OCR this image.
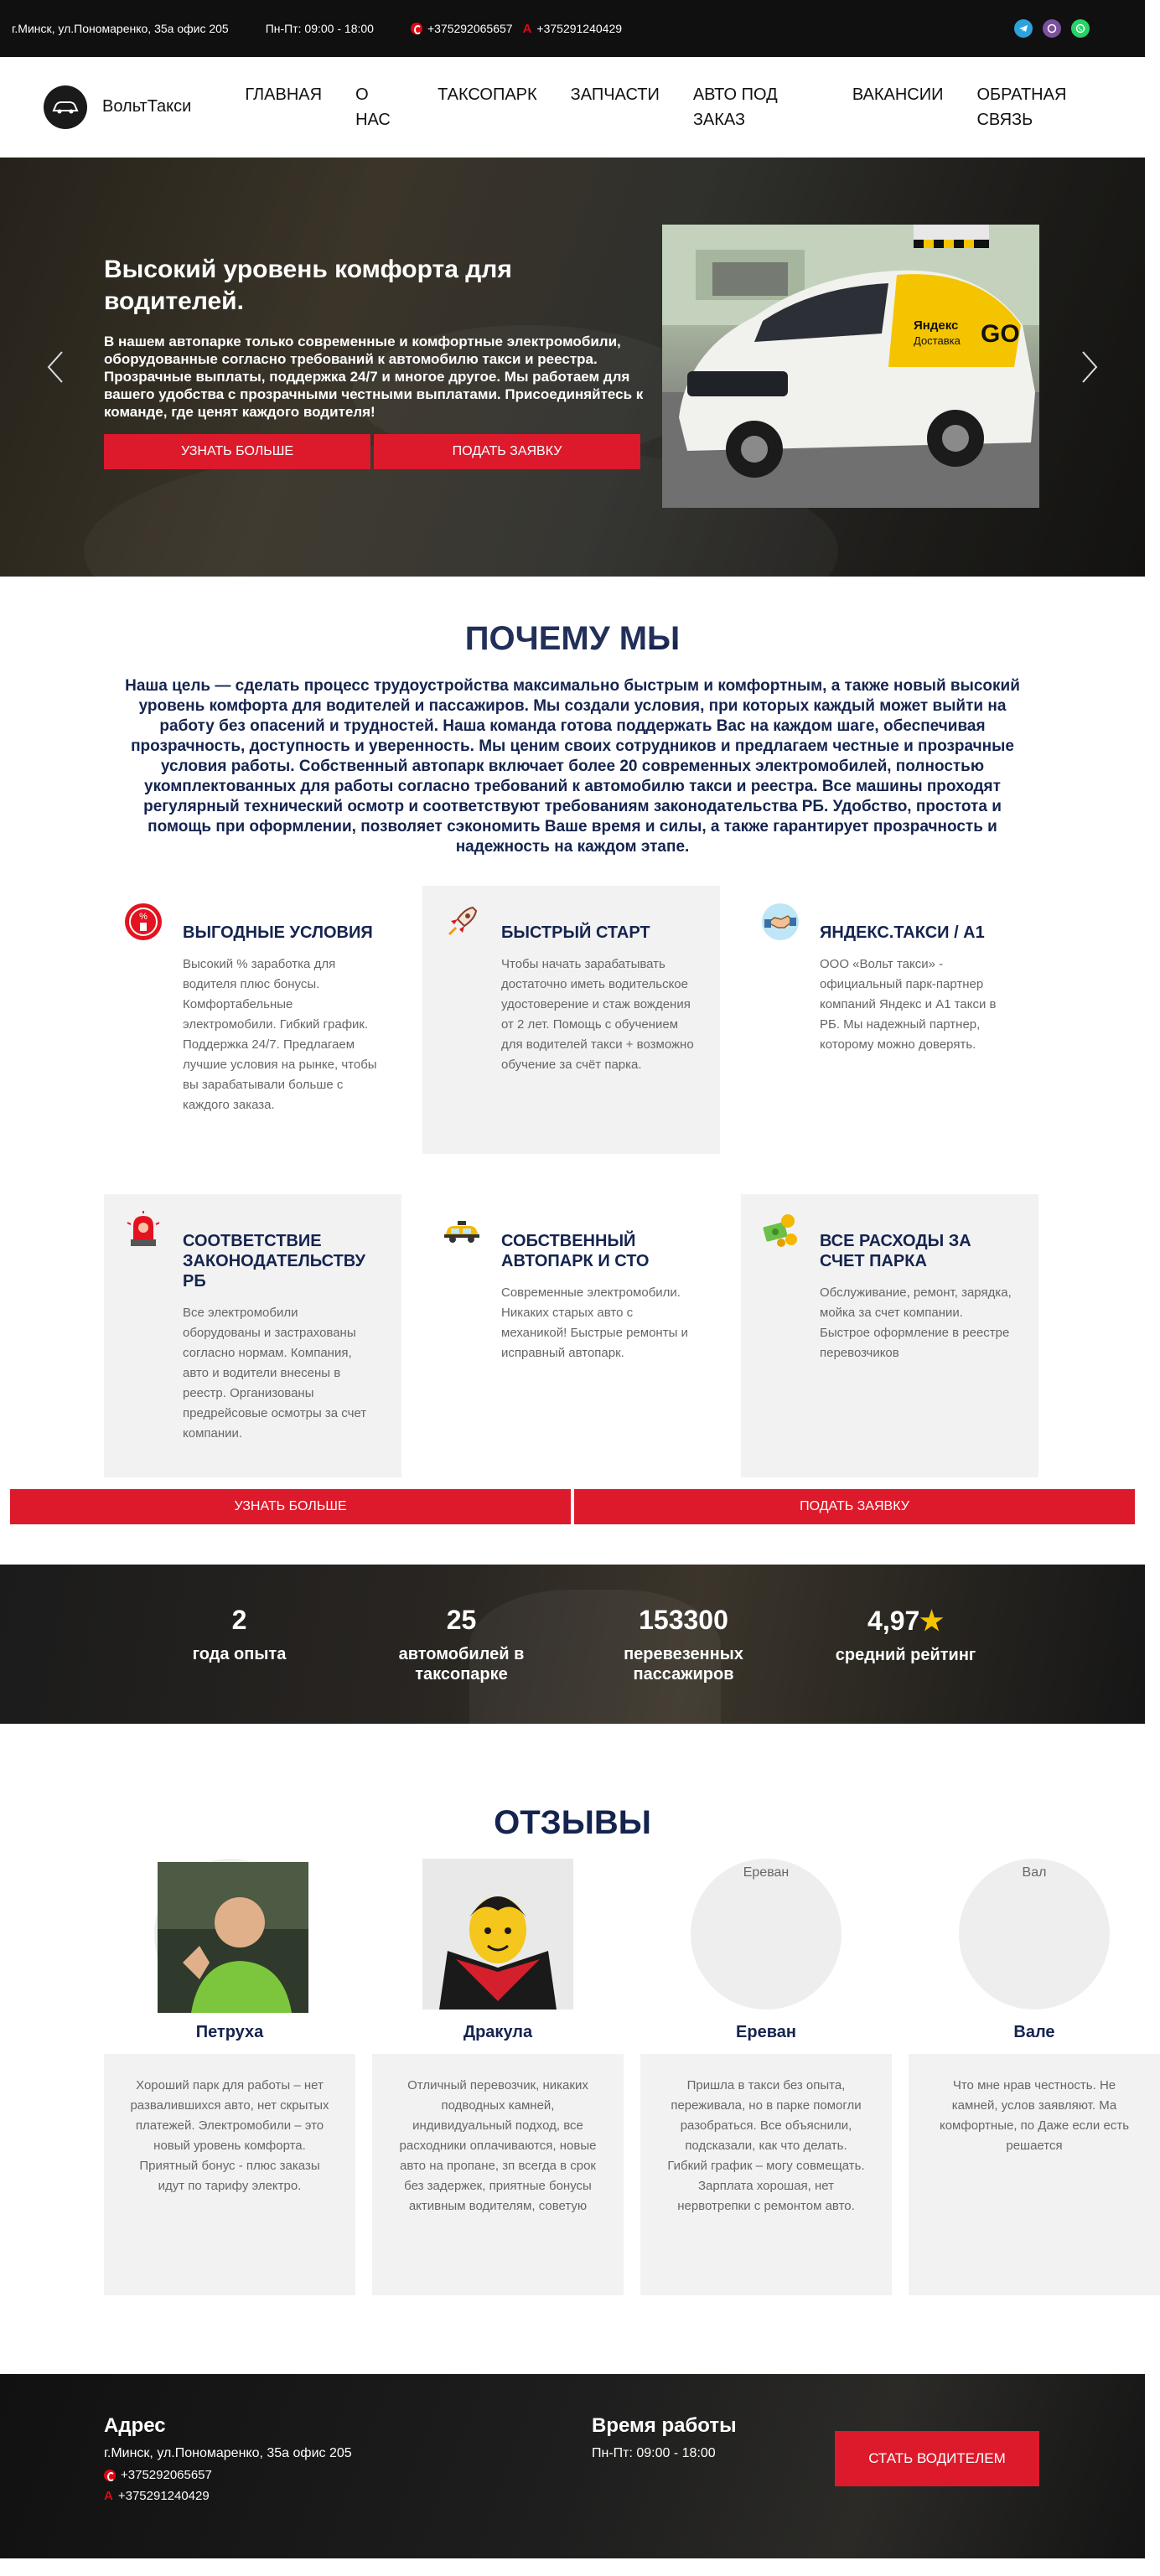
г.Минск, ул.Пономаренко, 35а офис 205	Пн-Пт: 09:00 - 18:00	+375292065657 A +375291240429
ВольтТакси
ГЛАВНАЯ О НАС
ТАКСОПАРК ЗАПЧАСТИ АВТО ПОД ЗАКАЗ
ВАКАНСИИ ОБРАТНАЯ СВЯЗЬ
Высокий уровень комфорта для водителей.
В нашем автопарке только современные и комфортные электромобили, оборудованные согласно требований к автомобилю такси и реестра. Прозрачные выплаты, поддержка 24/7 и многое другое. Мы работаем для вашего удобства с прозрачными честными выплатами. Присоединяйтесь к команде, где ценят каждого водителя!
УЗНАТЬ БОЛЬШЕ	ПОДАТЬ ЗАЯВКУ
Яндекс
Доставка GO
ПОЧЕМУ МЫ
Наша цель — сделать процесс трудоустройства максимально быстрым и комфортным, а также новый высокий уровень комфорта для водителей и пассажиров. Мы создали условия, при которых каждый может выйти на работу без опасений и трудностей. Наша команда готова поддержать Вас на каждом шаге, обеспечивая прозрачность, доступность и уверенность. Мы ценим своих сотрудников и предлагаем честные и прозрачные условия работы. Собственный автопарк включает более 20 современных электромобилей, полностью укомплектованных для работы согласно требований к автомобилю такси и реестра. Все машины проходят регулярный технический осмотр и соответствуют требованиям законодательства РБ. Удобство, простота и помощь при оформлении, позволяет сэкономить Ваше время и силы, а также гарантирует прозрачность и надежность на каждом этапе.
%
ВЫГОДНЫЕ УСЛОВИЯ
Высокий % заработка для водителя плюс бонусы. Комфортабельные электромобили. Гибкий график. Поддержка 24/7. Предлагаем лучшие условия на рынке, чтобы вы зарабатывали больше с каждого заказа.
БЫСТРЫЙ СТАРТ
Чтобы начать зарабатывать достаточно иметь водительское удостоверение и стаж вождения от 2 лет. Помощь с обучением для водителей такси + возможно обучение за счёт парка.
ЯНДЕКС.ТАКСИ / А1
ООО «Вольт такси» - официальный парк-партнер компаний Яндекс и А1 такси в РБ. Мы надежный партнер, которому можно доверять.
СООТВЕТСТВИЕ ЗАКОНОДАТЕЛЬСТВУ РБ
Все электромобили оборудованы и застрахованы согласно нормам. Компания, авто и водители внесены в реестр. Организованы предрейсовые осмотры за счет компании.
СОБСТВЕННЫЙ АВТОПАРК И СТО
Современные электромобили. Никаких старых авто с механикой! Быстрые ремонты и исправный автопарк.
ВСЕ РАСХОДЫ ЗА СЧЕТ ПАРКА
Обслуживание, ремонт, зарядка, мойка за счет компании. Быстрое оформление в реестре перевозчиков
УЗНАТЬ БОЛЬШЕ	ПОДАТЬ ЗАЯВКУ
2
года опыта
25
автомобилей в таксопарке
153300
перевезенных пассажиров
4,97★
средний рейтинг
ОТЗЫВЫ
Петруха
Хороший парк для работы – нет развалившихся авто, нет скрытых платежей. Электромобили – это новый уровень комфорта. Приятный бонус - плюс заказы идут по тарифу электро.
Дракула
Отличный перевозчик, никаких подводных камней, индивидуальный подход, все расходники оплачиваются, новые авто на пропане, зп всегда в срок без задержек, приятные бонусы активным водителям, советую
Ереван
Ереван
Пришла в такси без опыта, переживала, но в парке помогли разобраться. Все объяснили, подсказали, как что делать. Гибкий график – могу совмещать. Зарплата хорошая, нет нервотрепки с ремонтом авто.
Вал
Вале
Что мне нрав честность. Не камней, услов заявляют. Ма комфортные, по Даже если есть решается
Адрес
г.Минск, ул.Пономаренко, 35а офис 205
+375292065657
A +375291240429
Время работы
Пн-Пт: 09:00 - 18:00	СТАТЬ ВОДИТЕЛЕМ
